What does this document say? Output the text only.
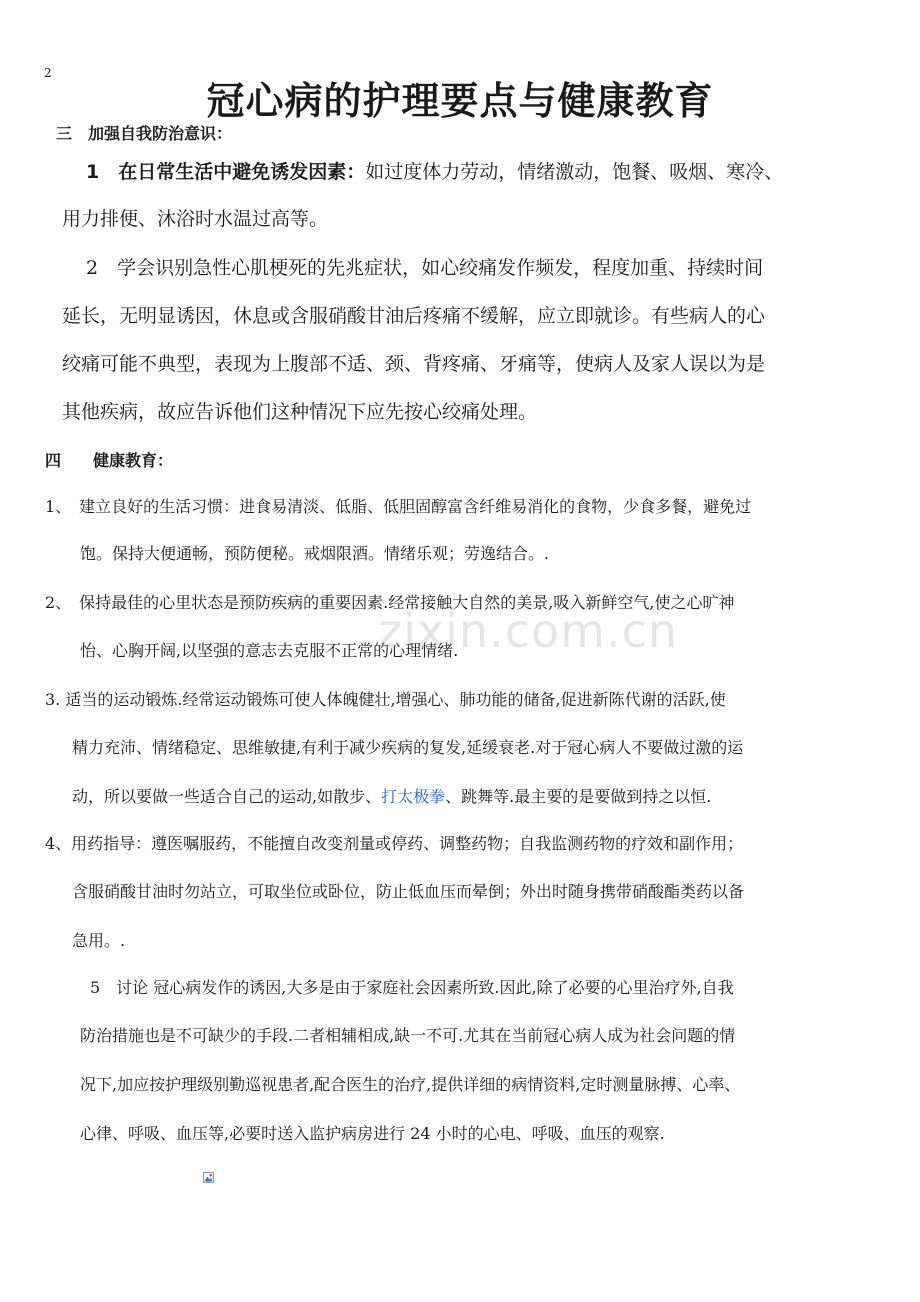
2
冠心病的护理要点与健康教育
三　加强自我防治意识：
1　在日常生活中避免诱发因素：如过度体力劳动，情绪激动，饱餐、吸烟、寒冷、
用力排便、沐浴时水温过高等。
2　学会识别急性心肌梗死的先兆症状，如心绞痛发作频发，程度加重、持续时间
延长，无明显诱因，休息或含服硝酸甘油后疼痛不缓解，应立即就诊。有些病人的心
绞痛可能不典型，表现为上腹部不适、颈、背疼痛、牙痛等，使病人及家人误以为是
其他疾病，故应告诉他们这种情况下应先按心绞痛处理。
四　　健康教育：
1、　建立良好的生活习惯：进食易清淡、低脂、低胆固醇富含纤维易消化的食物，少食多餐，避免过
饱。保持大便通畅，预防便秘。戒烟限酒。情绪乐观；劳逸结合。.
2、　保持最佳的心里状态是预防疾病的重要因素.经常接触大自然的美景,吸入新鲜空气,使之心旷神
怡、心胸开阔,以坚强的意志去克服不正常的心理情绪.
3. 适当的运动锻炼.经常运动锻炼可使人体魄健壮,增强心、肺功能的储备,促进新陈代谢的活跃,使
精力充沛、情绪稳定、思维敏捷,有利于减少疾病的复发,延缓衰老.对于冠心病人不要做过激的运
动，所以要做一些适合自己的运动,如散步、打太极拳、跳舞等.最主要的是要做到持之以恒.
4、用药指导：遵医嘱服药，不能擅自改变剂量或停药、调整药物；自我监测药物的疗效和副作用；
含服硝酸甘油时勿站立，可取坐位或卧位，防止低血压而晕倒；外出时随身携带硝酸酯类药以备
急用。.
5　讨论 冠心病发作的诱因,大多是由于家庭社会因素所致.因此,除了必要的心里治疗外,自我
防治措施也是不可缺少的手段.二者相辅相成,缺一不可.尤其在当前冠心病人成为社会问题的情
况下,加应按护理级别勤巡视患者,配合医生的治疗,提供详细的病情资料,定时测量脉搏、心率、
心律、呼吸、血压等,必要时送入监护病房进行 24 小时的心电、呼吸、血压的观察.
zixin.com.cn
